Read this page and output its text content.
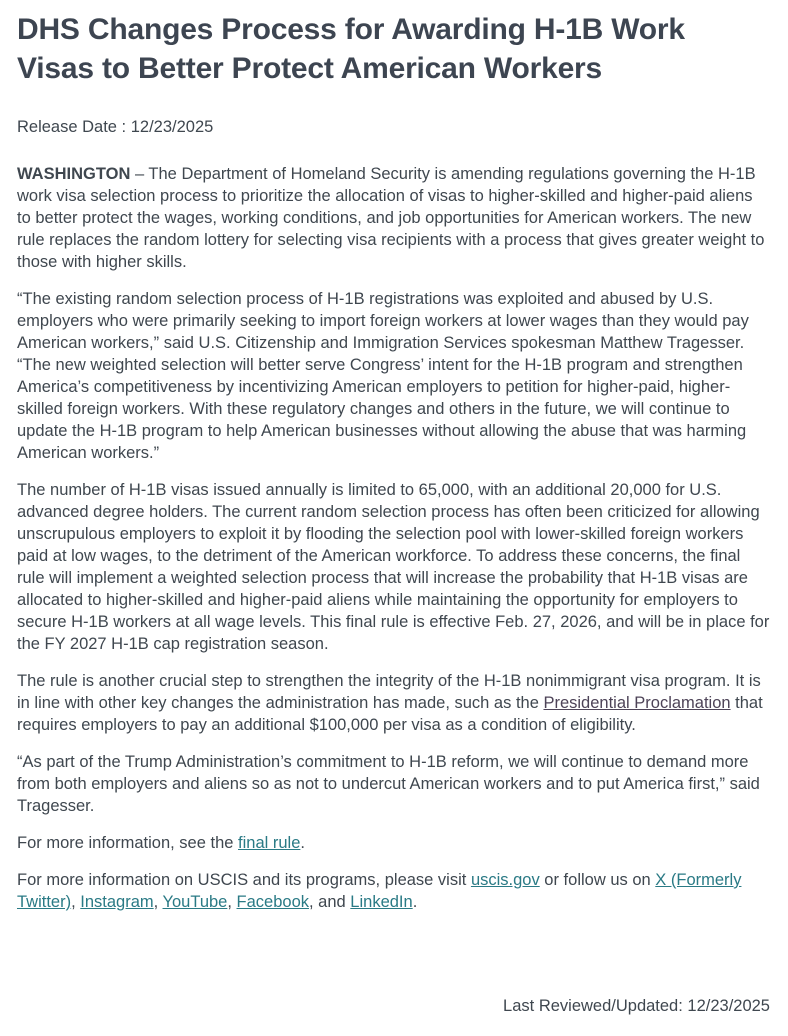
DHS Changes Process for Awarding H-1B Work Visas to Better Protect American Workers

Release Date : 12/23/2025

WASHINGTON – The Department of Homeland Security is amending regulations governing the H-1B work visa selection process to prioritize the allocation of visas to higher-skilled and higher-paid aliens to better protect the wages, working conditions, and job opportunities for American workers. The new rule replaces the random lottery for selecting visa recipients with a process that gives greater weight to those with higher skills.

“The existing random selection process of H-1B registrations was exploited and abused by U.S. employers who were primarily seeking to import foreign workers at lower wages than they would pay American workers,” said U.S. Citizenship and Immigration Services spokesman Matthew Tragesser. “The new weighted selection will better serve Congress’ intent for the H-1B program and strengthen America’s competitiveness by incentivizing American employers to petition for higher-paid, higher-skilled foreign workers. With these regulatory changes and others in the future, we will continue to update the H-1B program to help American businesses without allowing the abuse that was harming American workers.”

The number of H-1B visas issued annually is limited to 65,000, with an additional 20,000 for U.S. advanced degree holders. The current random selection process has often been criticized for allowing unscrupulous employers to exploit it by flooding the selection pool with lower-skilled foreign workers paid at low wages, to the detriment of the American workforce. To address these concerns, the final rule will implement a weighted selection process that will increase the probability that H-1B visas are allocated to higher-skilled and higher-paid aliens while maintaining the opportunity for employers to secure H-1B workers at all wage levels. This final rule is effective Feb. 27, 2026, and will be in place for the FY 2027 H-1B cap registration season.

The rule is another crucial step to strengthen the integrity of the H-1B nonimmigrant visa program. It is in line with other key changes the administration has made, such as the Presidential Proclamation that requires employers to pay an additional $100,000 per visa as a condition of eligibility.

“As part of the Trump Administration’s commitment to H-1B reform, we will continue to demand more from both employers and aliens so as not to undercut American workers and to put America first,” said Tragesser.

For more information, see the final rule.

For more information on USCIS and its programs, please visit uscis.gov or follow us on X (Formerly Twitter), Instagram, YouTube, Facebook, and LinkedIn.

Last Reviewed/Updated: 12/23/2025
